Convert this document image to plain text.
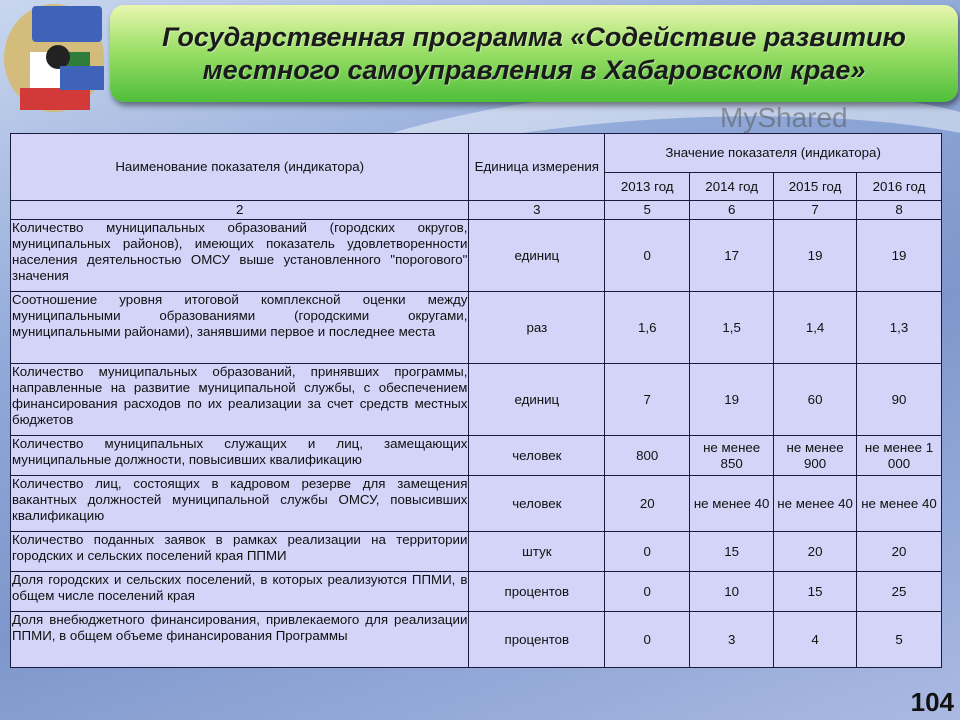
Государственная программа «Содействие развитию
местного самоуправления в Хабаровском крае»
MyShared
Наименование показателя (индикатора)	Единица измерения	Значение показателя (индикатора)			
		2013 год	2014 год	2015 год	2016 год
2	3	5	6	7	8
Количество муниципальных образований (городских округов, муниципальных районов), имеющих показатель удовлетворенности населения деятельностью ОМСУ выше установленного "порогового" значения	единиц	0	17	19	19
Соотношение уровня итоговой комплексной оценки между муниципальными образованиями (городскими округами, муниципальными районами), занявшими первое и последнее места	раз	1,6	1,5	1,4	1,3
Количество муниципальных образований, принявших программы, направленные на развитие муниципальной службы, с обеспечением финансирования расходов по их реализации за счет средств местных бюджетов	единиц	7	19	60	90
Количество муниципальных служащих и лиц, замещающих муниципальные должности, повысивших квалификацию	человек	800	не менее 850	не менее 900	не менее 1 000
Количество лиц, состоящих в кадровом резерве для замещения вакантных должностей муниципальной службы ОМСУ, повысивших квалификацию	человек	20	не менее 40	не менее 40	не менее 40
Количество поданных заявок в рамках реализации на территории городских и сельских поселений края ППМИ	штук	0	15	20	20
Доля городских и сельских поселений, в которых реализуются ППМИ, в общем числе поселений края	процентов	0	10	15	25
Доля внебюджетного финансирования, привлекаемого для реализации ППМИ, в общем объеме финансирования Программы	процентов	0	3	4	5
104
